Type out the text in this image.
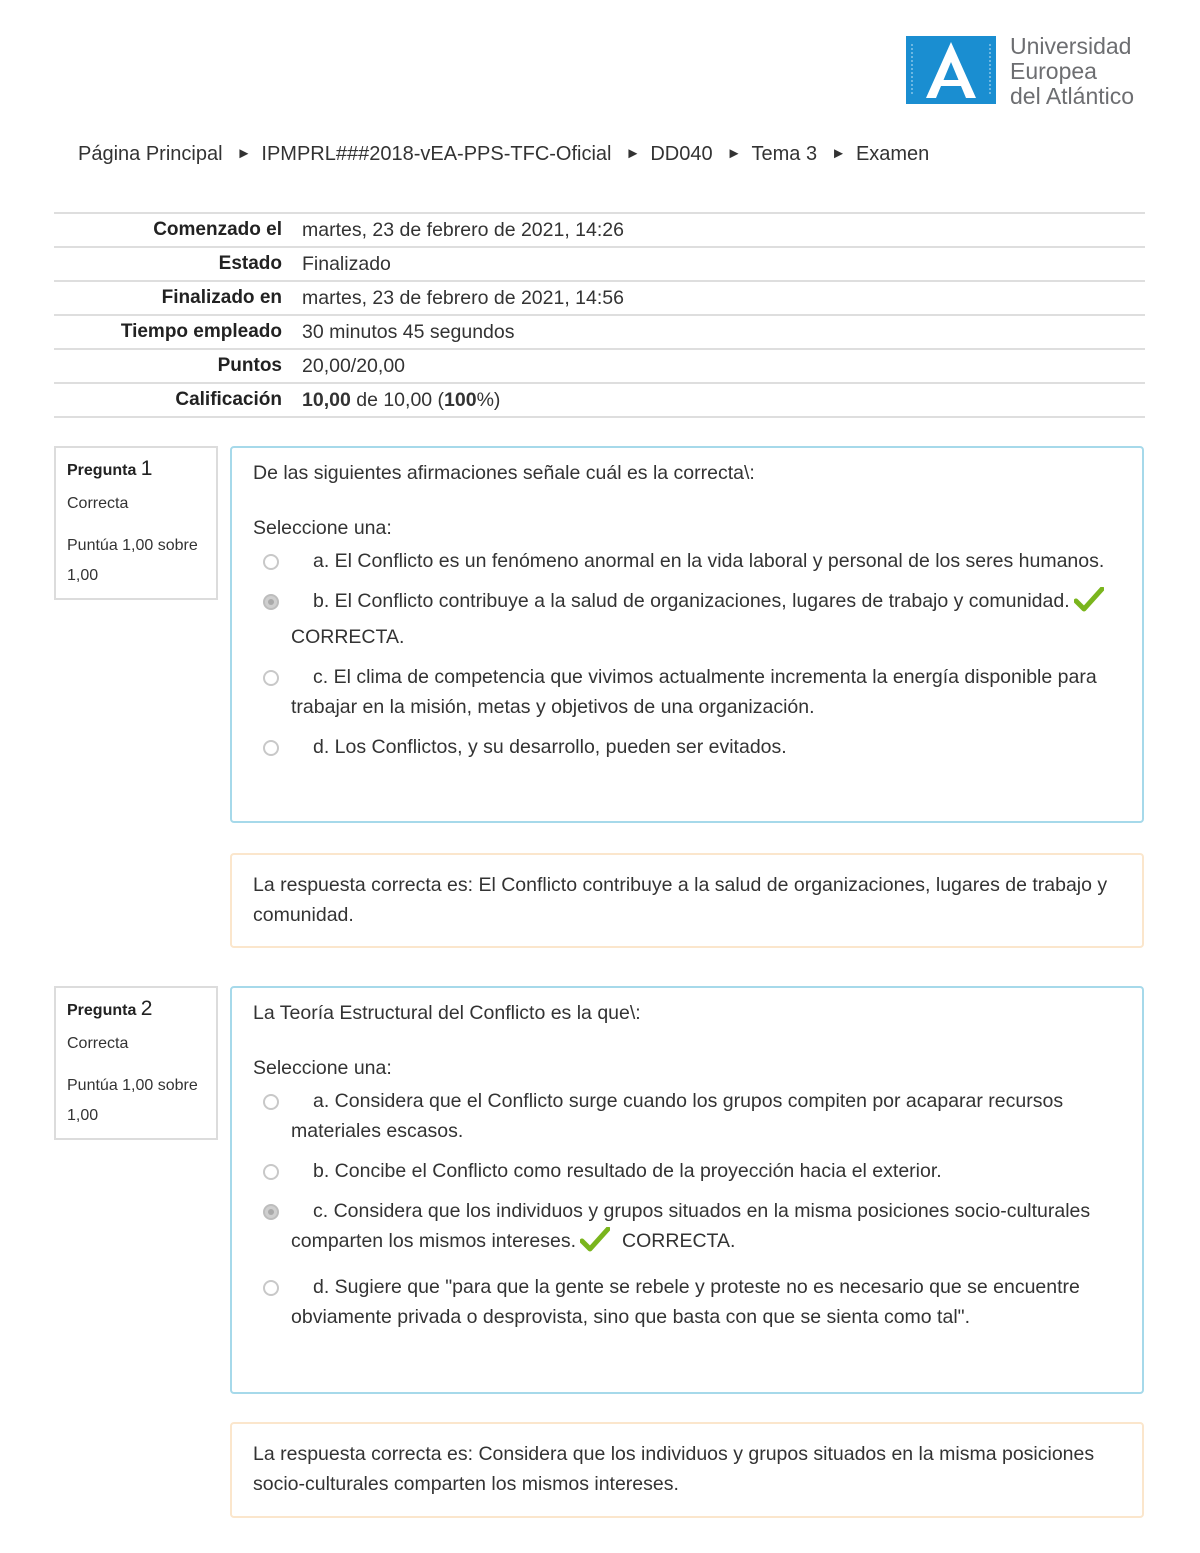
Universidad
Europea
del Atlántico
Página Principal ► IPMPRL###2018-vEA-PPS-TFC-Oficial ► DD040 ► Tema 3 ► Examen
Comenzado el	martes, 23 de febrero de 2021, 14:26
Estado	Finalizado
Finalizado en	martes, 23 de febrero de 2021, 14:56
Tiempo empleado	30 minutos 45 segundos
Puntos	20,00/20,00
Calificación	10,00 de 10,00 (100%)
Pregunta 1
Correcta
Puntúa 1,00 sobre 1,00
De las siguientes afirmaciones señale cuál es la correcta\:
Seleccione una:
a. El Conflicto es un fenómeno anormal en la vida laboral y personal de los seres humanos.
b. El Conflicto contribuye a la salud de organizaciones, lugares de trabajo y comunidad.CORRECTA.
c. El clima de competencia que vivimos actualmente incrementa la energía disponible para trabajar en la misión, metas y objetivos de una organización.
d. Los Conflictos, y su desarrollo, pueden ser evitados.
La respuesta correcta es: El Conflicto contribuye a la salud de organizaciones, lugares de trabajo y comunidad.
Pregunta 2
Correcta
Puntúa 1,00 sobre 1,00
La Teoría Estructural del Conflicto es la que\:
Seleccione una:
a. Considera que el Conflicto surge cuando los grupos compiten por acaparar recursos materiales escasos.
b. Concibe el Conflicto como resultado de la proyección hacia el exterior.
c. Considera que los individuos y grupos situados en la misma posiciones socio-culturales comparten los mismos intereses. CORRECTA.
d. Sugiere que "para que la gente se rebele y proteste no es necesario que se encuentre obviamente privada o desprovista, sino que basta con que se sienta como tal".
La respuesta correcta es: Considera que los individuos y grupos situados en la misma posiciones socio-culturales comparten los mismos intereses.
